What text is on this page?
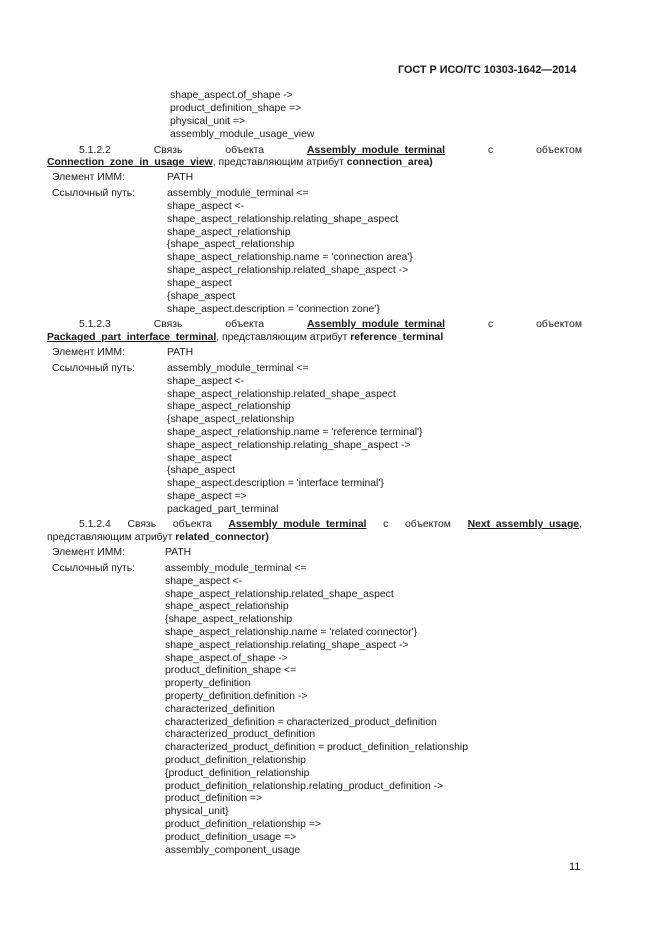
ГОСТ Р ИСО/ТС 10303-1642—2014
shape_aspect.of_shape ->
product_definition_shape =>
physical_unit =>
assembly_module_usage_view
5.1.2.2	Связь	объекта	Assembly_module_terminal	с	объектом
Connection_zone_in_usage_view, представляющим атрибут connection_area)
Элемент ИММ:	PATH
Ссылочный путь:	assembly_module_terminal <=
shape_aspect <-
shape_aspect_relationship.relating_shape_aspect
shape_aspect_relationship
{shape_aspect_relationship
shape_aspect_relationship.name = 'connection area'}
shape_aspect_relationship.related_shape_aspect ->
shape_aspect
{shape_aspect
shape_aspect.description = 'connection zone'}
5.1.2.3	Связь	объекта	Assembly_module_terminal	с	объектом
Packaged_part_interface_terminal, представляющим атрибут reference_terminal
Элемент ИММ:	PATH
Ссылочный путь:	assembly_module_terminal <=
shape_aspect <-
shape_aspect_relationship.related_shape_aspect
shape_aspect_relationship
{shape_aspect_relationship
shape_aspect_relationship.name = 'reference terminal'}
shape_aspect_relationship.relating_shape_aspect ->
shape_aspect
{shape_aspect
shape_aspect.description = 'interface terminal'}
shape_aspect =>
packaged_part_terminal
5.1.2.4 Связь объекта Assembly_module_terminal с объектом Next_assembly_usage,
представляющим атрибут related_connector)
Элемент ИММ:	PATH
Ссылочный путь:	assembly_module_terminal <=
shape_aspect <-
shape_aspect_relationship.related_shape_aspect
shape_aspect_relationship
{shape_aspect_relationship
shape_aspect_relationship.name = 'related connector'}
shape_aspect_relationship.relating_shape_aspect ->
shape_aspect.of_shape ->
product_definition_shape <=
property_definition
property_definition.definition ->
characterized_definition
characterized_definition = characterized_product_definition
characterized_product_definition
characterized_product_definition = product_definition_relationship
product_definition_relationship
{product_definition_relationship
product_definition_relationship.relating_product_definition ->
product_definition =>
physical_unit}
product_definition_relationship =>
product_definition_usage =>
assembly_component_usage
11
